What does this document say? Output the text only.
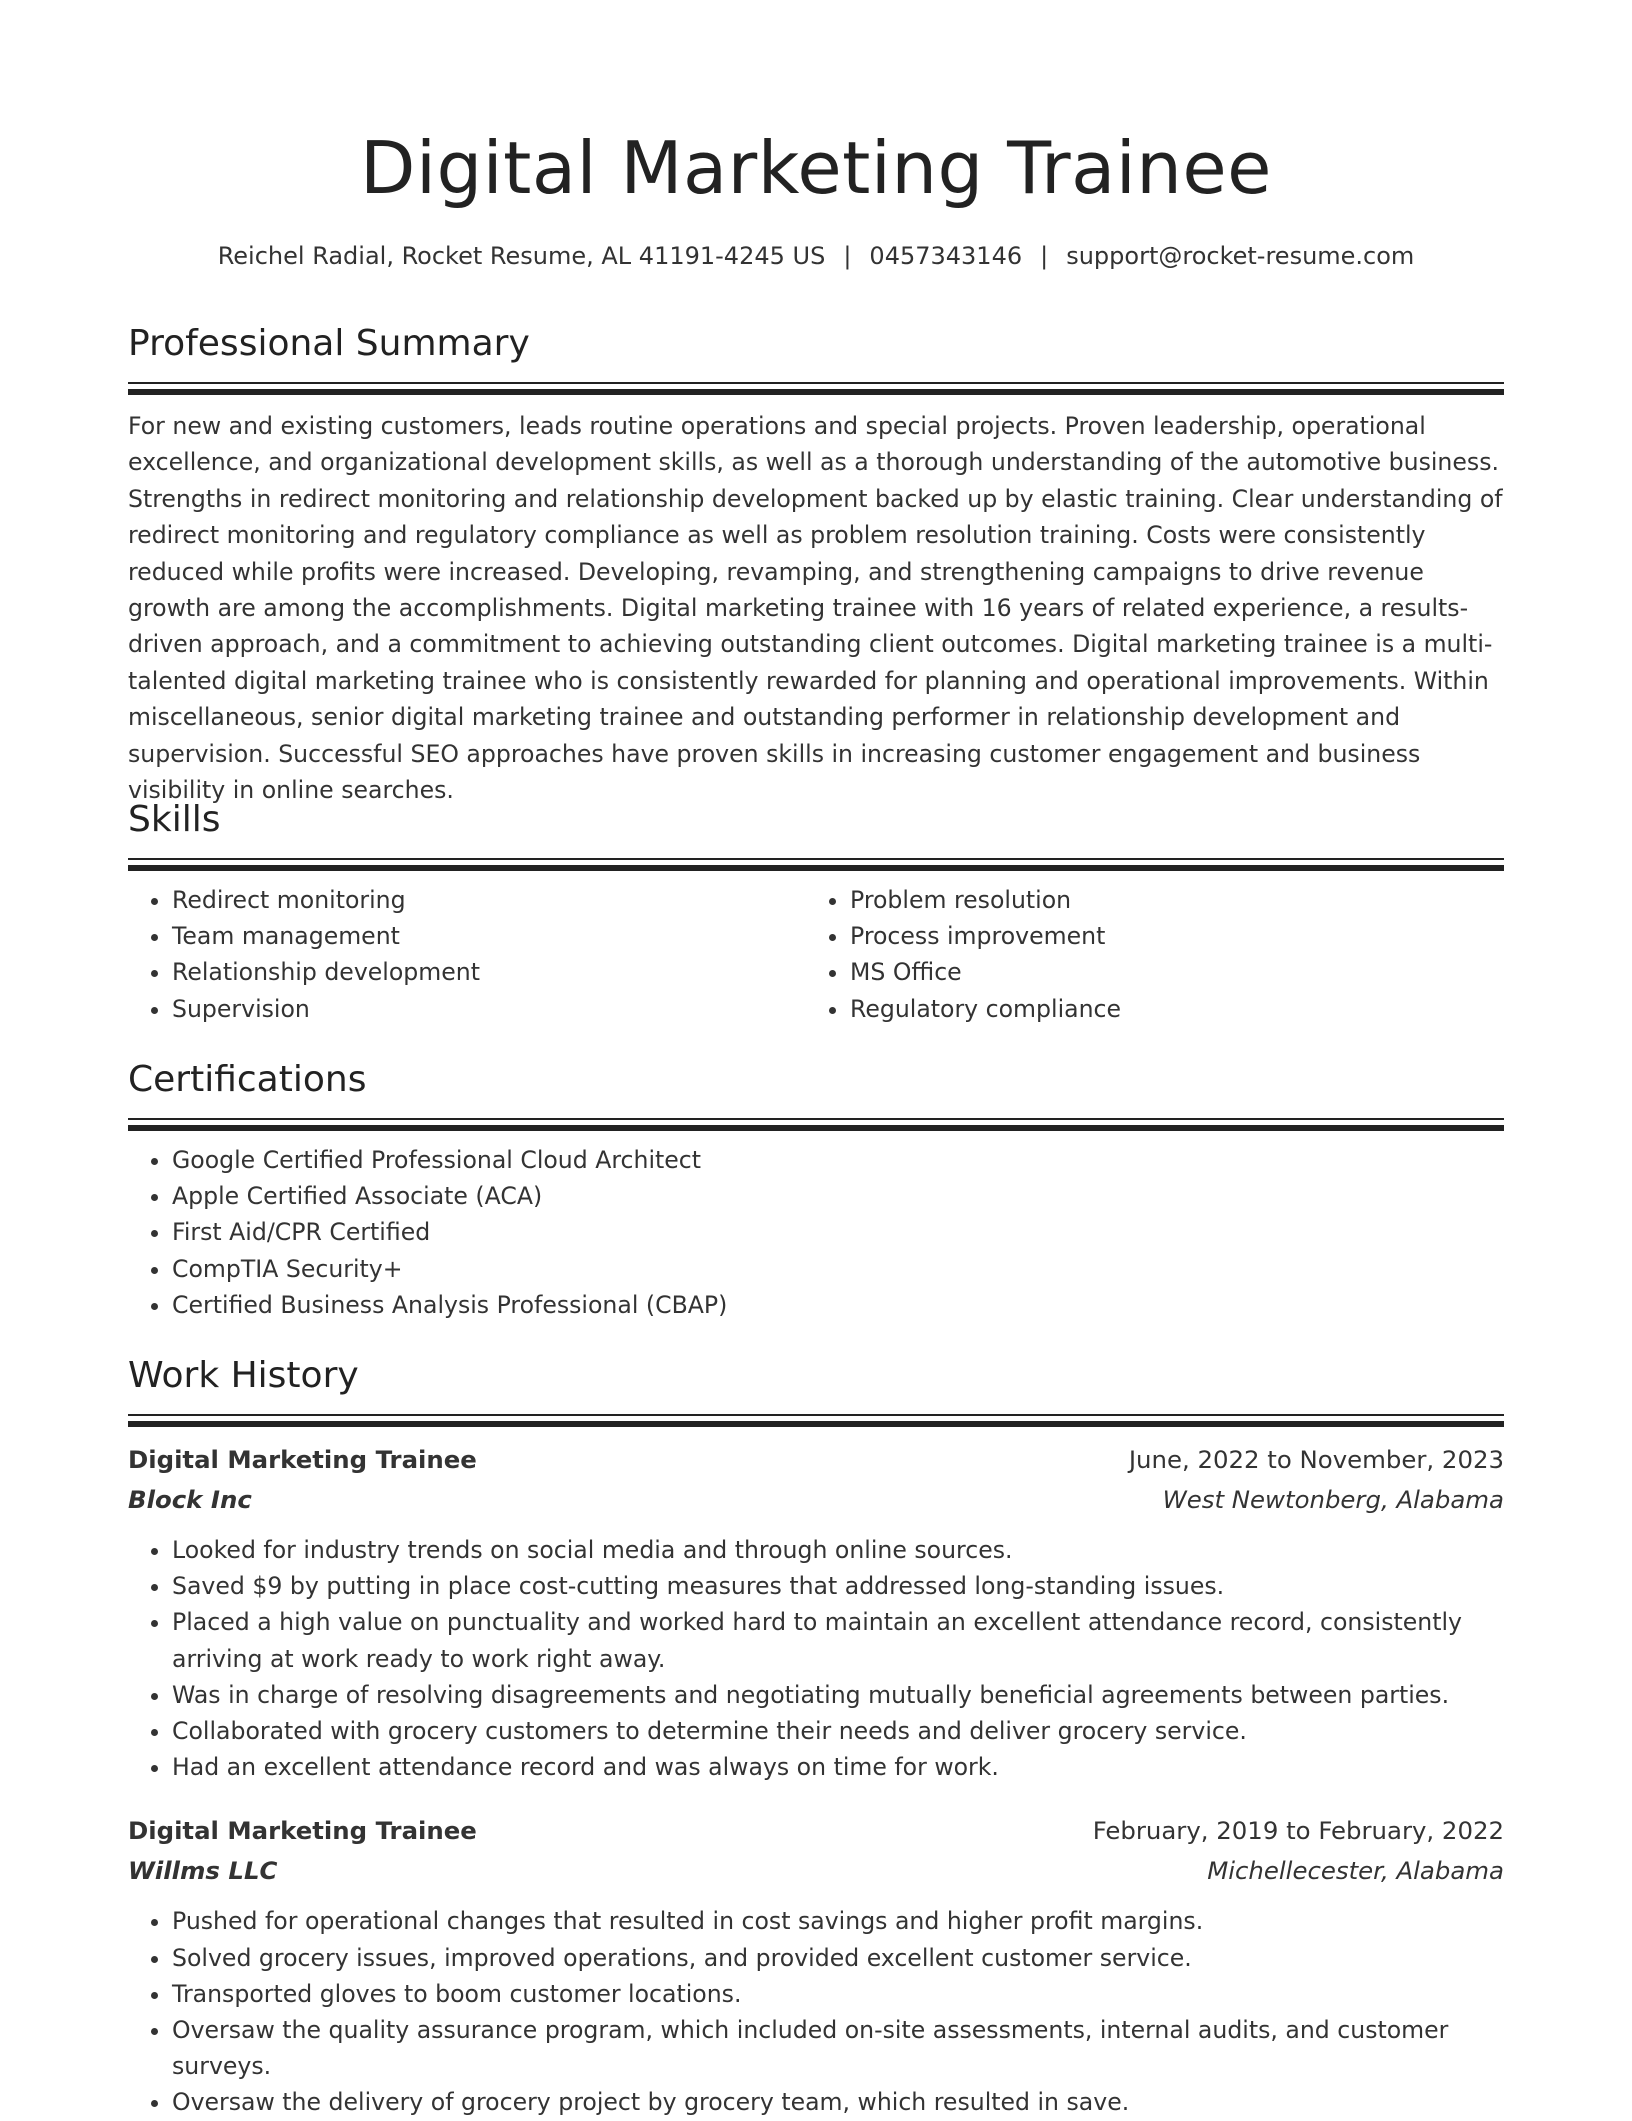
Digital Marketing Trainee
Reichel Radial, Rocket Resume, AL 41191-4245 US | 0457343146 | support@rocket-resume.com
Professional Summary

For new and existing customers, leads routine operations and special projects. Proven leadership, operational excellence, and organizational development skills, as well as a thorough understanding of the automotive business. Strengths in redirect monitoring and relationship development backed up by elastic training. Clear understanding of redirect monitoring and regulatory compliance as well as problem resolution training. Costs were consistently reduced while profits were increased. Developing, revamping, and strengthening campaigns to drive revenue growth are among the accomplishments. Digital marketing trainee with 16 years of related experience, a results-driven approach, and a commitment to achieving outstanding client outcomes. Digital marketing trainee is a multi-talented digital marketing trainee who is consistently rewarded for planning and operational improvements. Within miscellaneous, senior digital marketing trainee and outstanding performer in relationship development and supervision. Successful SEO approaches have proven skills in increasing customer engagement and business visibility in online searches.

Skills
• Redirect monitoring
• Team management
• Relationship development
• Supervision
• Problem resolution
• Process improvement
• MS Office
• Regulatory compliance
Certifications
• Google Certified Professional Cloud Architect
• Apple Certified Associate (ACA)
• First Aid/CPR Certified
• CompTIA Security+
• Certified Business Analysis Professional (CBAP)
Work History
Digital Marketing Trainee	June, 2022 to November, 2023
Block Inc	West Newtonberg, Alabama
• Looked for industry trends on social media and through online sources.
• Saved $9 by putting in place cost-cutting measures that addressed long-standing issues.
• Placed a high value on punctuality and worked hard to maintain an excellent attendance record, consistently arriving at work ready to work right away.
• Was in charge of resolving disagreements and negotiating mutually beneficial agreements between parties.
• Collaborated with grocery customers to determine their needs and deliver grocery service.
• Had an excellent attendance record and was always on time for work.
Digital Marketing Trainee	February, 2019 to February, 2022
Willms LLC	Michellecester, Alabama
• Pushed for operational changes that resulted in cost savings and higher profit margins.
• Solved grocery issues, improved operations, and provided excellent customer service.
• Transported gloves to boom customer locations.
• Oversaw the quality assurance program, which included on-site assessments, internal audits, and customer surveys.
• Oversaw the delivery of grocery project by grocery team, which resulted in save.
